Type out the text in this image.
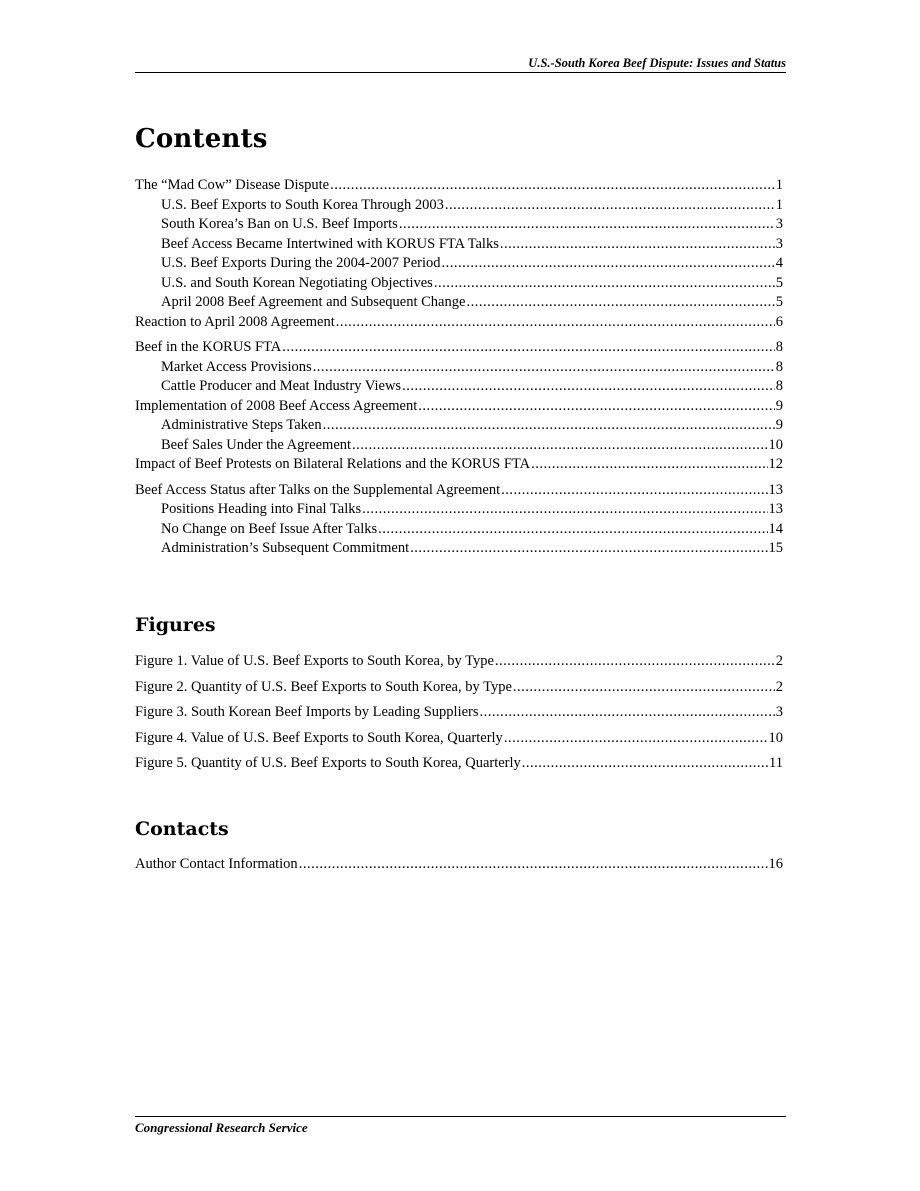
U.S.-South Korea Beef Dispute: Issues and Status
Contents
The “Mad Cow” Disease Dispute .....	1
U.S. Beef Exports to South Korea Through 2003 .....	1
South Korea’s Ban on U.S. Beef Imports .....	3
Beef Access Became Intertwined with KORUS FTA Talks .....	3
U.S. Beef Exports During the 2004-2007 Period .....	4
U.S. and South Korean Negotiating Objectives .....	5
April 2008 Beef Agreement and Subsequent Change .....	5
Reaction to April 2008 Agreement .....	6
Beef in the KORUS FTA .....	8
Market Access Provisions .....	8
Cattle Producer and Meat Industry Views .....	8
Implementation of 2008 Beef Access Agreement .....	9
Administrative Steps Taken .....	9
Beef Sales Under the Agreement .....	10
Impact of Beef Protests on Bilateral Relations and the KORUS FTA .....	12
Beef Access Status after Talks on the Supplemental Agreement .....	13
Positions Heading into Final Talks .....	13
No Change on Beef Issue After Talks .....	14
Administration’s Subsequent Commitment .....	15
Figures
Figure 1. Value of U.S. Beef Exports to South Korea, by Type .....	2
Figure 2. Quantity of U.S. Beef Exports to South Korea, by Type .....	2
Figure 3. South Korean Beef Imports by Leading Suppliers .....	3
Figure 4. Value of U.S. Beef Exports to South Korea, Quarterly .....	10
Figure 5. Quantity of U.S. Beef Exports to South Korea, Quarterly .....	11
Contacts
Author Contact Information .....	16
Congressional Research Service
